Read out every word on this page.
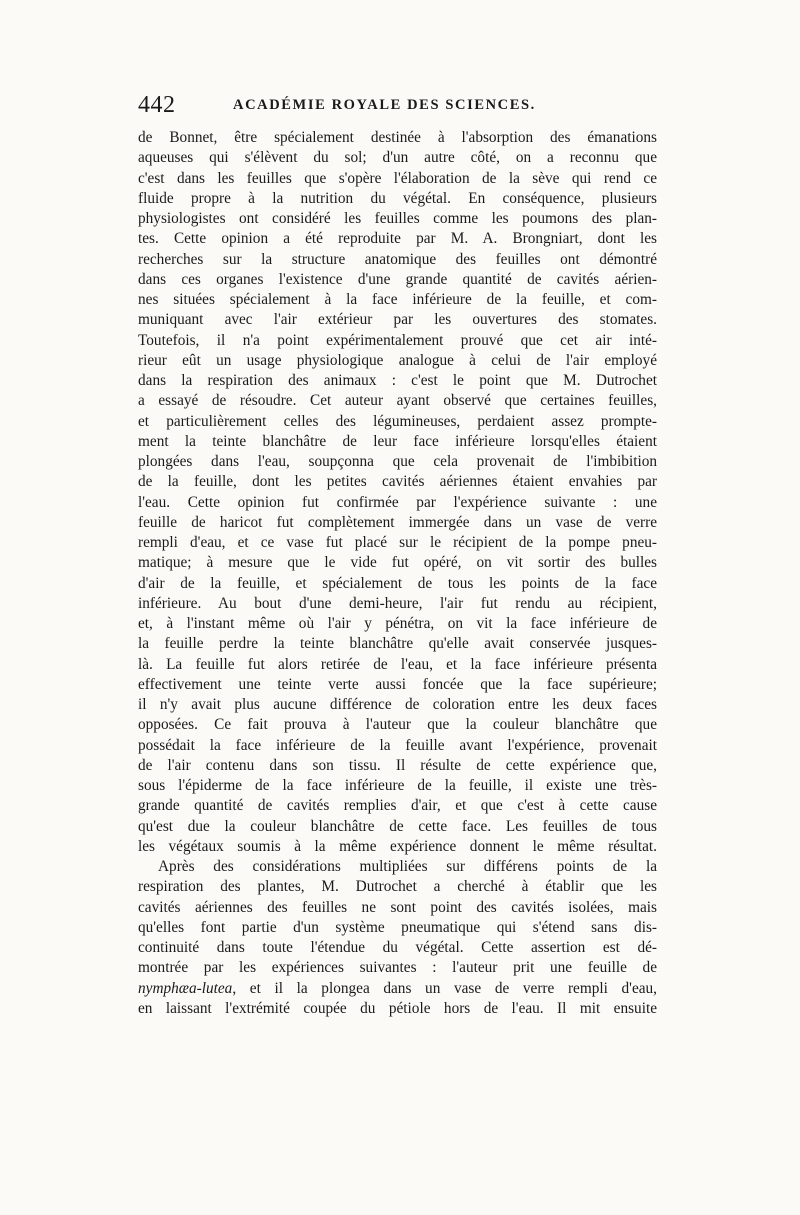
442	ACADÉMIE ROYALE DES SCIENCES.
de Bonnet, être spécialement destinée à l'absorption des émanations
aqueuses qui s'élèvent du sol; d'un autre côté, on a reconnu que
c'est dans les feuilles que s'opère l'élaboration de la sève qui rend ce
fluide propre à la nutrition du végétal. En conséquence, plusieurs
physiologistes ont considéré les feuilles comme les poumons des plan-
tes. Cette opinion a été reproduite par M. A. Brongniart, dont les
recherches sur la structure anatomique des feuilles ont démontré
dans ces organes l'existence d'une grande quantité de cavités aérien-
nes situées spécialement à la face inférieure de la feuille, et com-
muniquant avec l'air extérieur par les ouvertures des stomates.
Toutefois, il n'a point expérimentalement prouvé que cet air inté-
rieur eût un usage physiologique analogue à celui de l'air employé
dans la respiration des animaux : c'est le point que M. Dutrochet
a essayé de résoudre. Cet auteur ayant observé que certaines feuilles,
et particulièrement celles des légumineuses, perdaient assez prompte-
ment la teinte blanchâtre de leur face inférieure lorsqu'elles étaient
plongées dans l'eau, soupçonna que cela provenait de l'imbibition
de la feuille, dont les petites cavités aériennes étaient envahies par
l'eau. Cette opinion fut confirmée par l'expérience suivante : une
feuille de haricot fut complètement immergée dans un vase de verre
rempli d'eau, et ce vase fut placé sur le récipient de la pompe pneu-
matique; à mesure que le vide fut opéré, on vit sortir des bulles
d'air de la feuille, et spécialement de tous les points de la face
inférieure. Au bout d'une demi-heure, l'air fut rendu au récipient,
et, à l'instant même où l'air y pénétra, on vit la face inférieure de
la feuille perdre la teinte blanchâtre qu'elle avait conservée jusques-
là. La feuille fut alors retirée de l'eau, et la face inférieure présenta
effectivement une teinte verte aussi foncée que la face supérieure;
il n'y avait plus aucune différence de coloration entre les deux faces
opposées. Ce fait prouva à l'auteur que la couleur blanchâtre que
possédait la face inférieure de la feuille avant l'expérience, provenait
de l'air contenu dans son tissu. Il résulte de cette expérience que,
sous l'épiderme de la face inférieure de la feuille, il existe une très-
grande quantité de cavités remplies d'air, et que c'est à cette cause
qu'est due la couleur blanchâtre de cette face. Les feuilles de tous
les végétaux soumis à la même expérience donnent le même résultat.
Après des considérations multipliées sur différens points de la
respiration des plantes, M. Dutrochet a cherché à établir que les
cavités aériennes des feuilles ne sont point des cavités isolées, mais
qu'elles font partie d'un système pneumatique qui s'étend sans dis-
continuité dans toute l'étendue du végétal. Cette assertion est dé-
montrée par les expériences suivantes : l'auteur prit une feuille de
nymphæa-lutea, et il la plongea dans un vase de verre rempli d'eau,
en laissant l'extrémité coupée du pétiole hors de l'eau. Il mit ensuite
